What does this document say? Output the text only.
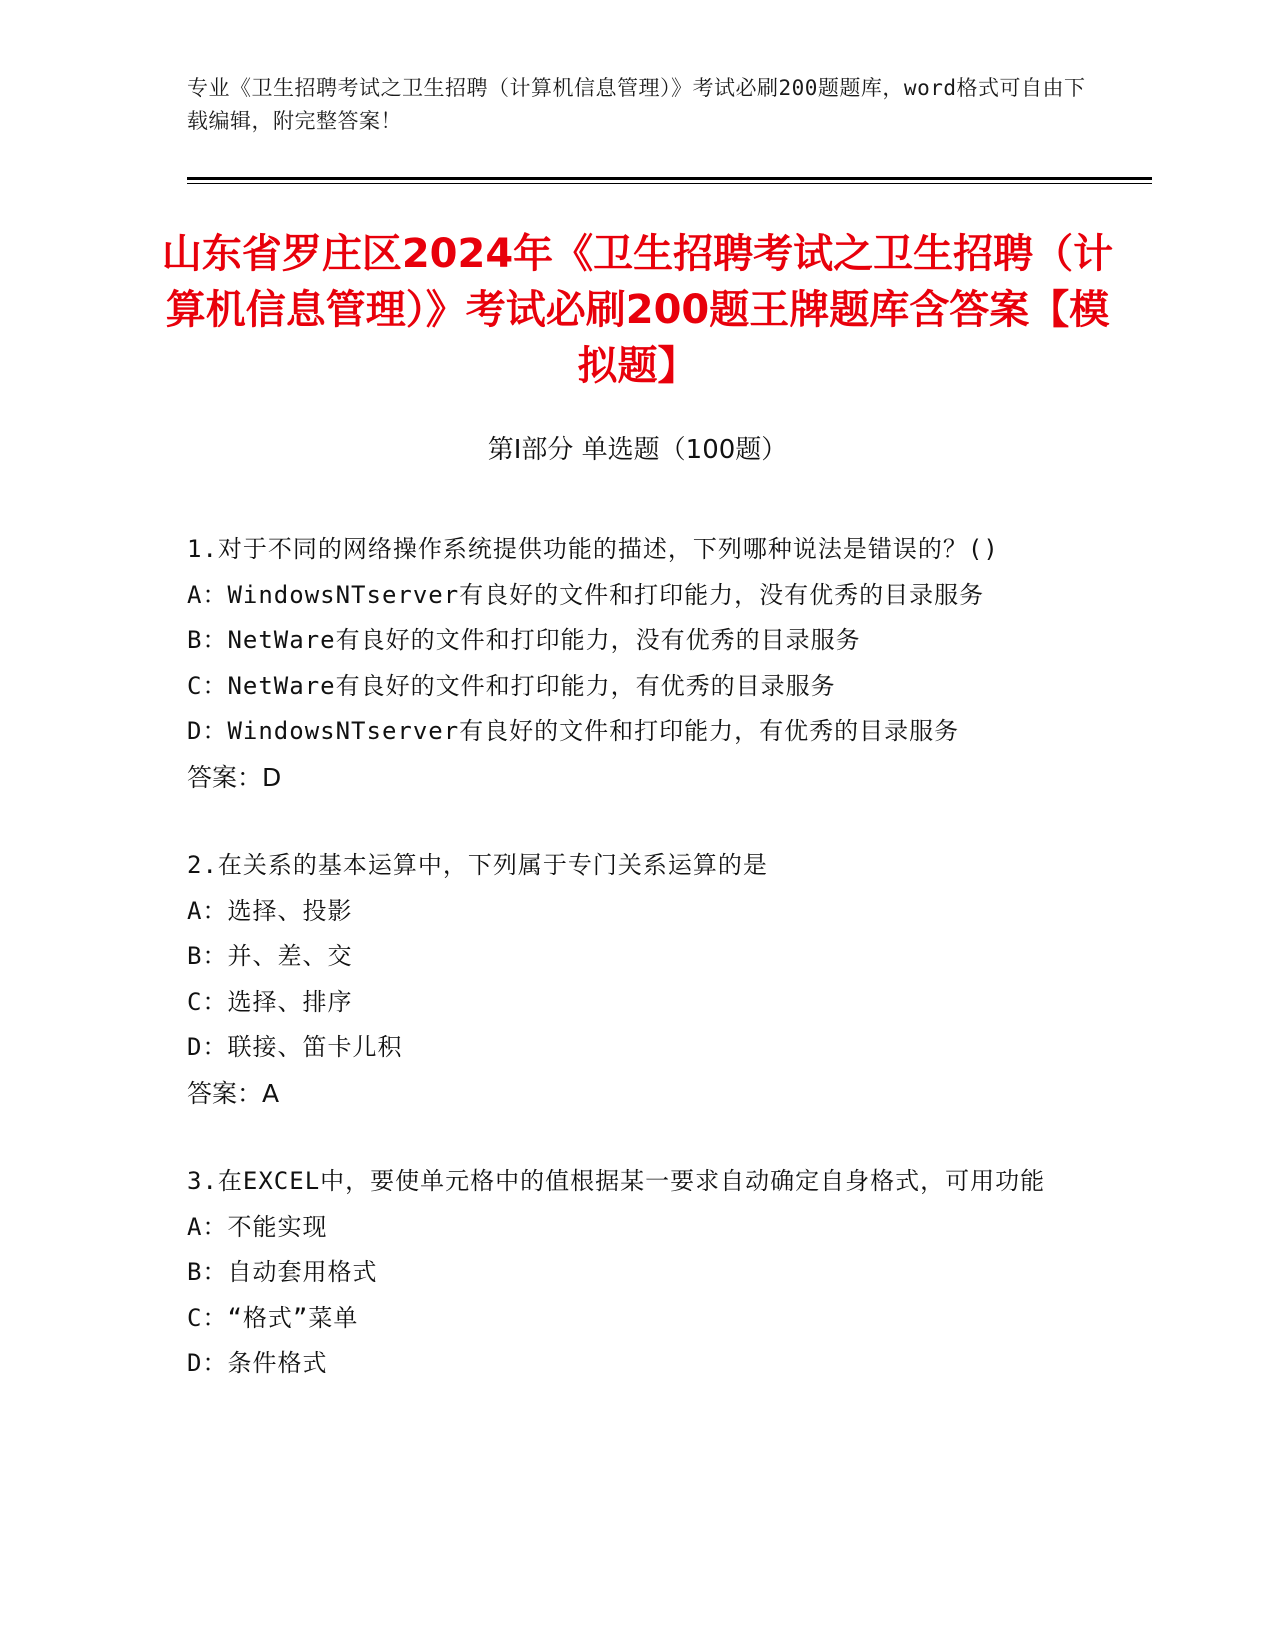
专业《卫生招聘考试之卫生招聘（计算机信息管理）》考试必刷200题题库，word格式可自由下载编辑，附完整答案！
山东省罗庄区2024年《卫生招聘考试之卫生招聘（计算机信息管理）》考试必刷200题王牌题库含答案【模拟题】
第I部分 单选题（100题）
1.对于不同的网络操作系统提供功能的描述，下列哪种说法是错误的？()
A：WindowsNTserver有良好的文件和打印能力，没有优秀的目录服务
B：NetWare有良好的文件和打印能力，没有优秀的目录服务
C：NetWare有良好的文件和打印能力，有优秀的目录服务
D：WindowsNTserver有良好的文件和打印能力，有优秀的目录服务
答案：D
2.在关系的基本运算中，下列属于专门关系运算的是
A：选择、投影
B：并、差、交
C：选择、排序
D：联接、笛卡儿积
答案：A
3.在EXCEL中，要使单元格中的值根据某一要求自动确定自身格式，可用功能
A：不能实现
B：自动套用格式
C：“格式”菜单
D：条件格式
